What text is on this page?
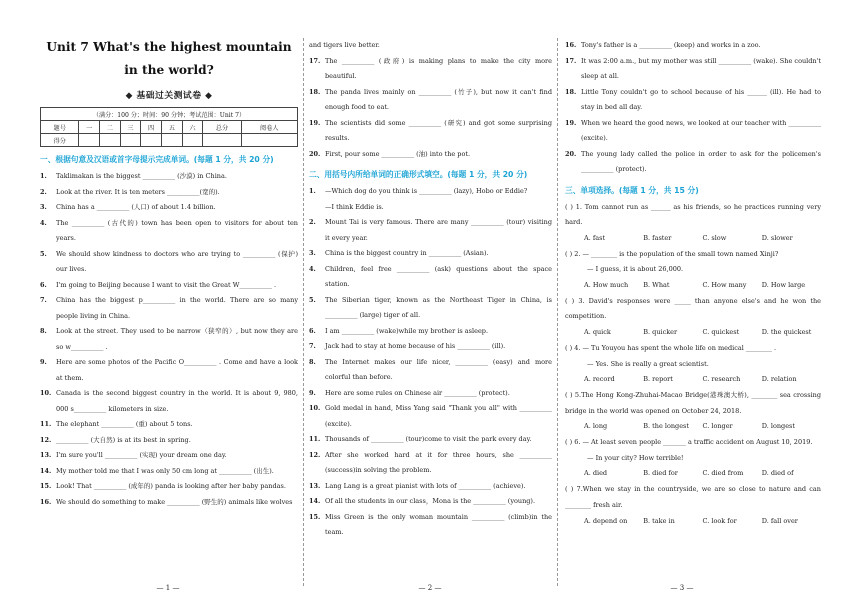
Unit 7 What's the highest mountain in the world?
◆ 基础过关测试卷 ◆
（满分：100 分；时间：90 分钟；考试范围：Unit 7）								
题号	一	二	三	四	五	六	总分	阅卷人
得分								
一、根据句意及汉语或首字母提示完成单词。(每题 1 分，共 20 分)
1.	Taklimakan is the biggest __________ (沙漠) in China.
2.	Look at the river. It is ten meters __________(宽的).
3.	China has a __________ (人口) of about 1.4 billion.
4.	The __________ (古代的) town has been open to visitors for about ten years.
5.	We should show kindness to doctors who are trying to __________ (保护) our lives.
6.	I'm going to Beijing because I want to visit the Great W__________ .
7.	China has the biggest p__________ in the world. There are so many people living in China.
8.	Look at the street. They used to be narrow（狭窄的）, but now they are so w__________ .
9.	Here are some photos of the Pacific O__________ . Come and have a look at them.
10. Canada is the second biggest country in the world. It is about 9, 980, 000 s__________ kilometers in size.
11. The elephant __________ (重) about 5 tons.
12. __________ (大自然) is at its best in spring.
13. I'm sure you'll __________ (实现) your dream one day.
14. My mother told me that I was only 50 cm long at __________ (出生).
15. Look! That __________ (成年的) panda is looking after her baby pandas.
16. We should do something to make __________ (野生的) animals like wolves
and tigers live better.
17. The __________ (政府) is making plans to make the city more beautiful.
18. The panda lives mainly on __________ (竹子), but now it can't find enough food to eat.
19. The scientists did some __________ (研究) and got some surprising results.
20. First, pour some __________ (油) into the pot.
二、用括号内所给单词的正确形式填空。(每题 1 分，共 20 分)
1.	—Which dog do you think is __________ (lazy), Hobo or Eddie?
—I think Eddie is.
2.	Mount Tai is very famous. There are many __________ (tour) visiting it every year.
3.	China is the biggest country in __________ (Asian).
4.	Children, feel free __________ (ask) questions about the space station.
5.	The Siberian tiger, known as the Northeast Tiger in China, is __________ (large) tiger of all.
6.	I am __________ (wake)while my brother is asleep.
7.	Jack had to stay at home because of his __________ (ill).
8.	The Internet makes our life nicer, __________ (easy) and more colorful than before.
9.	Here are some rules on Chinese air __________ (protect).
10. Gold medal in hand, Miss Yang said "Thank you all" with __________ (excite).
11. Thousands of __________ (tour)come to visit the park every day.
12. After she worked hard at it for three hours, she __________ (success)in solving the problem.
13. Lang Lang is a great pianist with lots of __________ (achieve).
14. Of all the students in our class，Mona is the __________ (young).
15. Miss Green is the only woman mountain __________ (climb)in the team.
16. Tony's father is a __________ (keep) and works in a zoo.
17. It was 2:00 a.m., but my mother was still __________ (wake). She couldn't sleep at all.
18. Little Tony couldn't go to school because of his ______ (ill). He had to stay in bed all day.
19. When we heard the good news, we looked at our teacher with __________ (excite).
20. The young lady called the police in order to ask for the policemen's __________ (protect).
三、单项选择。(每题 1 分，共 15 分)
( ) 1. Tom cannot run as ______ as his friends, so he practices running very hard.
A. fast	B. faster	C. slow	D. slower
( ) 2. — ________ is the population of the small town named Xinji?
— I guess, it is about 26,000.
A. How much	B. What	C. How many	D. How large
( ) 3. David's responses were _____ than anyone else's and he won the competition.
A. quick	B. quicker	C. quickest	D. the quickest
( ) 4. — Tu Youyou has spent the whole life on medical ________ .
— Yes. She is really a great scientist.
A. record	B. report	C. research	D. relation
( ) 5.The Hong Kong-Zhuhai-Macao Bridge(港珠澳大桥), ________ sea crossing bridge in the world was opened on October 24, 2018.
A. long	B. the longest	C. longer	D. longest
( ) 6. — At least seven people _______ a traffic accident on August 10, 2019.
— In your city? How terrible!
A. died	B. died for	C. died from	D. died of
( ) 7.When we stay in the countryside, we are so close to nature and can ________ fresh air.
A. depend on	B. take in	C. look for	D. fall over
— 1 —	— 2 —	— 3 —
